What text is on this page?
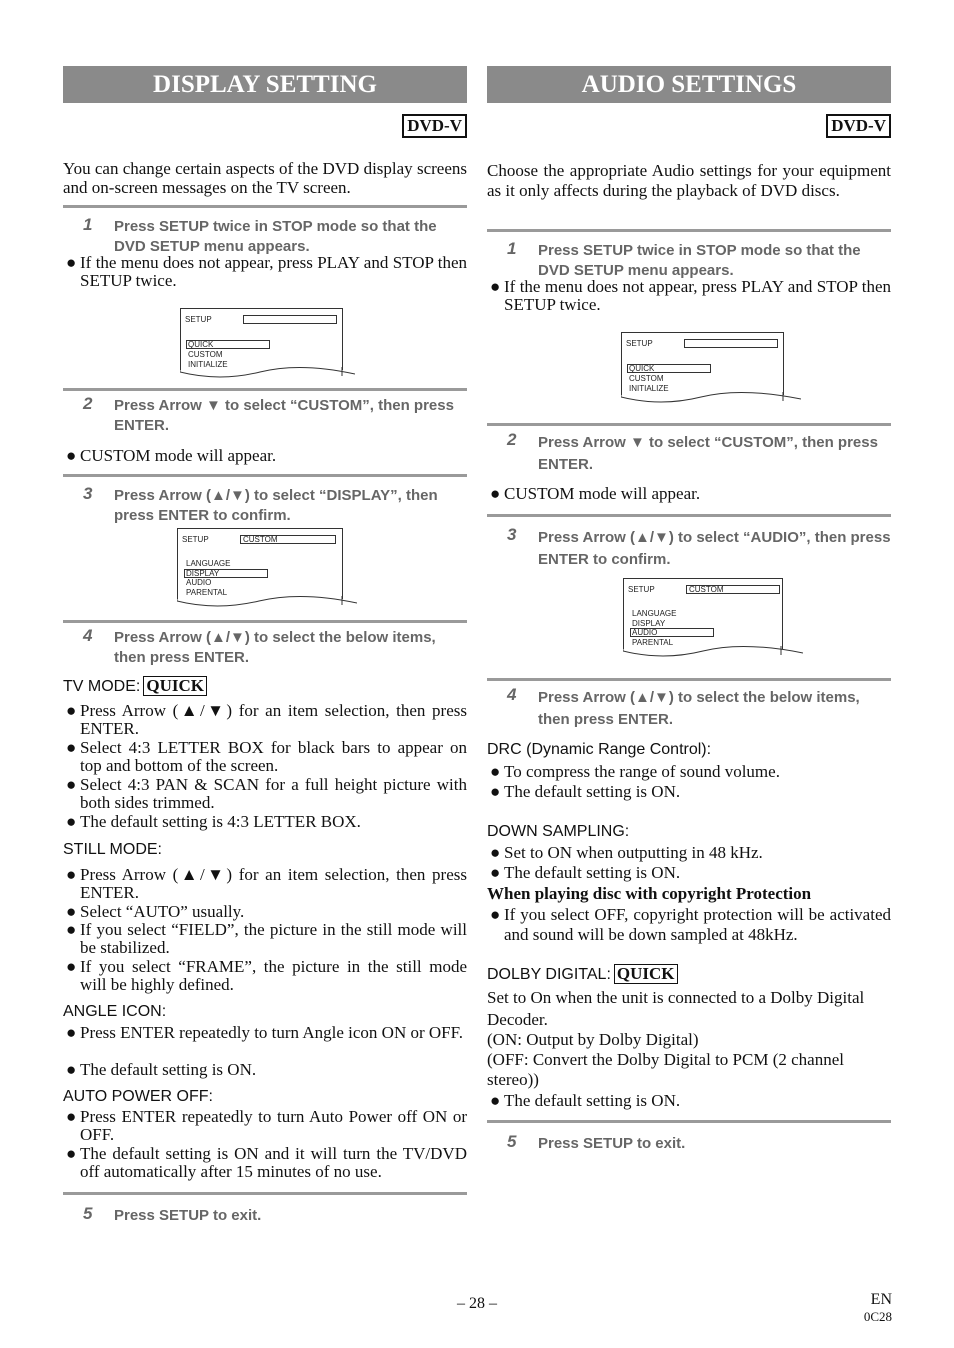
DISPLAY SETTING
DVD-V
You can change certain aspects of the DVD display screens and on-screen messages on the TV screen.
1 Press SETUP twice in STOP mode so that the DVD SETUP menu appears.
● If the menu does not appear, press PLAY and STOP then SETUP twice.
SETUP
QUICK
CUSTOM
INITIALIZE
2 Press Arrow ▼ to select “CUSTOM”, then press ENTER.
● CUSTOM mode will appear.
3 Press Arrow (▲/▼) to select “DISPLAY”, then press ENTER to confirm.
SETUP	CUSTOM
LANGUAGE
DISPLAY
AUDIO
PARENTAL
4 Press Arrow (▲/▼) to select the below items, then press ENTER.
TV MODE: QUICK
● Press Arrow (▲/▼) for an item selection, then press ENTER.
● Select 4:3 LETTER BOX for black bars to appear on top and bottom of the screen.
● Select 4:3 PAN & SCAN for a full height picture with both sides trimmed.
● The default setting is 4:3 LETTER BOX.
STILL MODE:
● Press Arrow (▲/▼) for an item selection, then press ENTER.
● Select “AUTO” usually.
● If you select “FIELD”, the picture in the still mode will be stabilized.
● If you select “FRAME”, the picture in the still mode will be highly defined.
ANGLE ICON:
● Press ENTER repeatedly to turn Angle icon ON or OFF.
● The default setting is ON.
AUTO POWER OFF:
● Press ENTER repeatedly to turn Auto Power off ON or OFF.
● The default setting is ON and it will turn the TV/DVD off automatically after 15 minutes of no use.
5 Press SETUP to exit.
AUDIO SETTINGS
DVD-V
Choose the appropriate Audio settings for your equipment as it only affects during the playback of DVD discs.
1 Press SETUP twice in STOP mode so that the DVD SETUP menu appears.
● If the menu does not appear, press PLAY and STOP then SETUP twice.
SETUP
QUICK
CUSTOM
INITIALIZE
2 Press Arrow ▼ to select “CUSTOM”, then press ENTER.
● CUSTOM mode will appear.
3 Press Arrow (▲/▼) to select “AUDIO”, then press ENTER to confirm.
SETUP	CUSTOM
LANGUAGE
DISPLAY
AUDIO
PARENTAL
4 Press Arrow (▲/▼) to select the below items, then press ENTER.
DRC (Dynamic Range Control):
● To compress the range of sound volume.
● The default setting is ON.
DOWN SAMPLING:
● Set to ON when outputting in 48 kHz.
● The default setting is ON.
When playing disc with copyright Protection
● If you select OFF, copyright protection will be activated and sound will be down sampled at 48kHz.
DOLBY DIGITAL: QUICK
Set to On when the unit is connected to a Dolby Digital Decoder.
(ON: Output by Dolby Digital)
(OFF: Convert the Dolby Digital to PCM (2 channel stereo))
● The default setting is ON.
5 Press SETUP to exit.
– 28 –	EN
0C28
